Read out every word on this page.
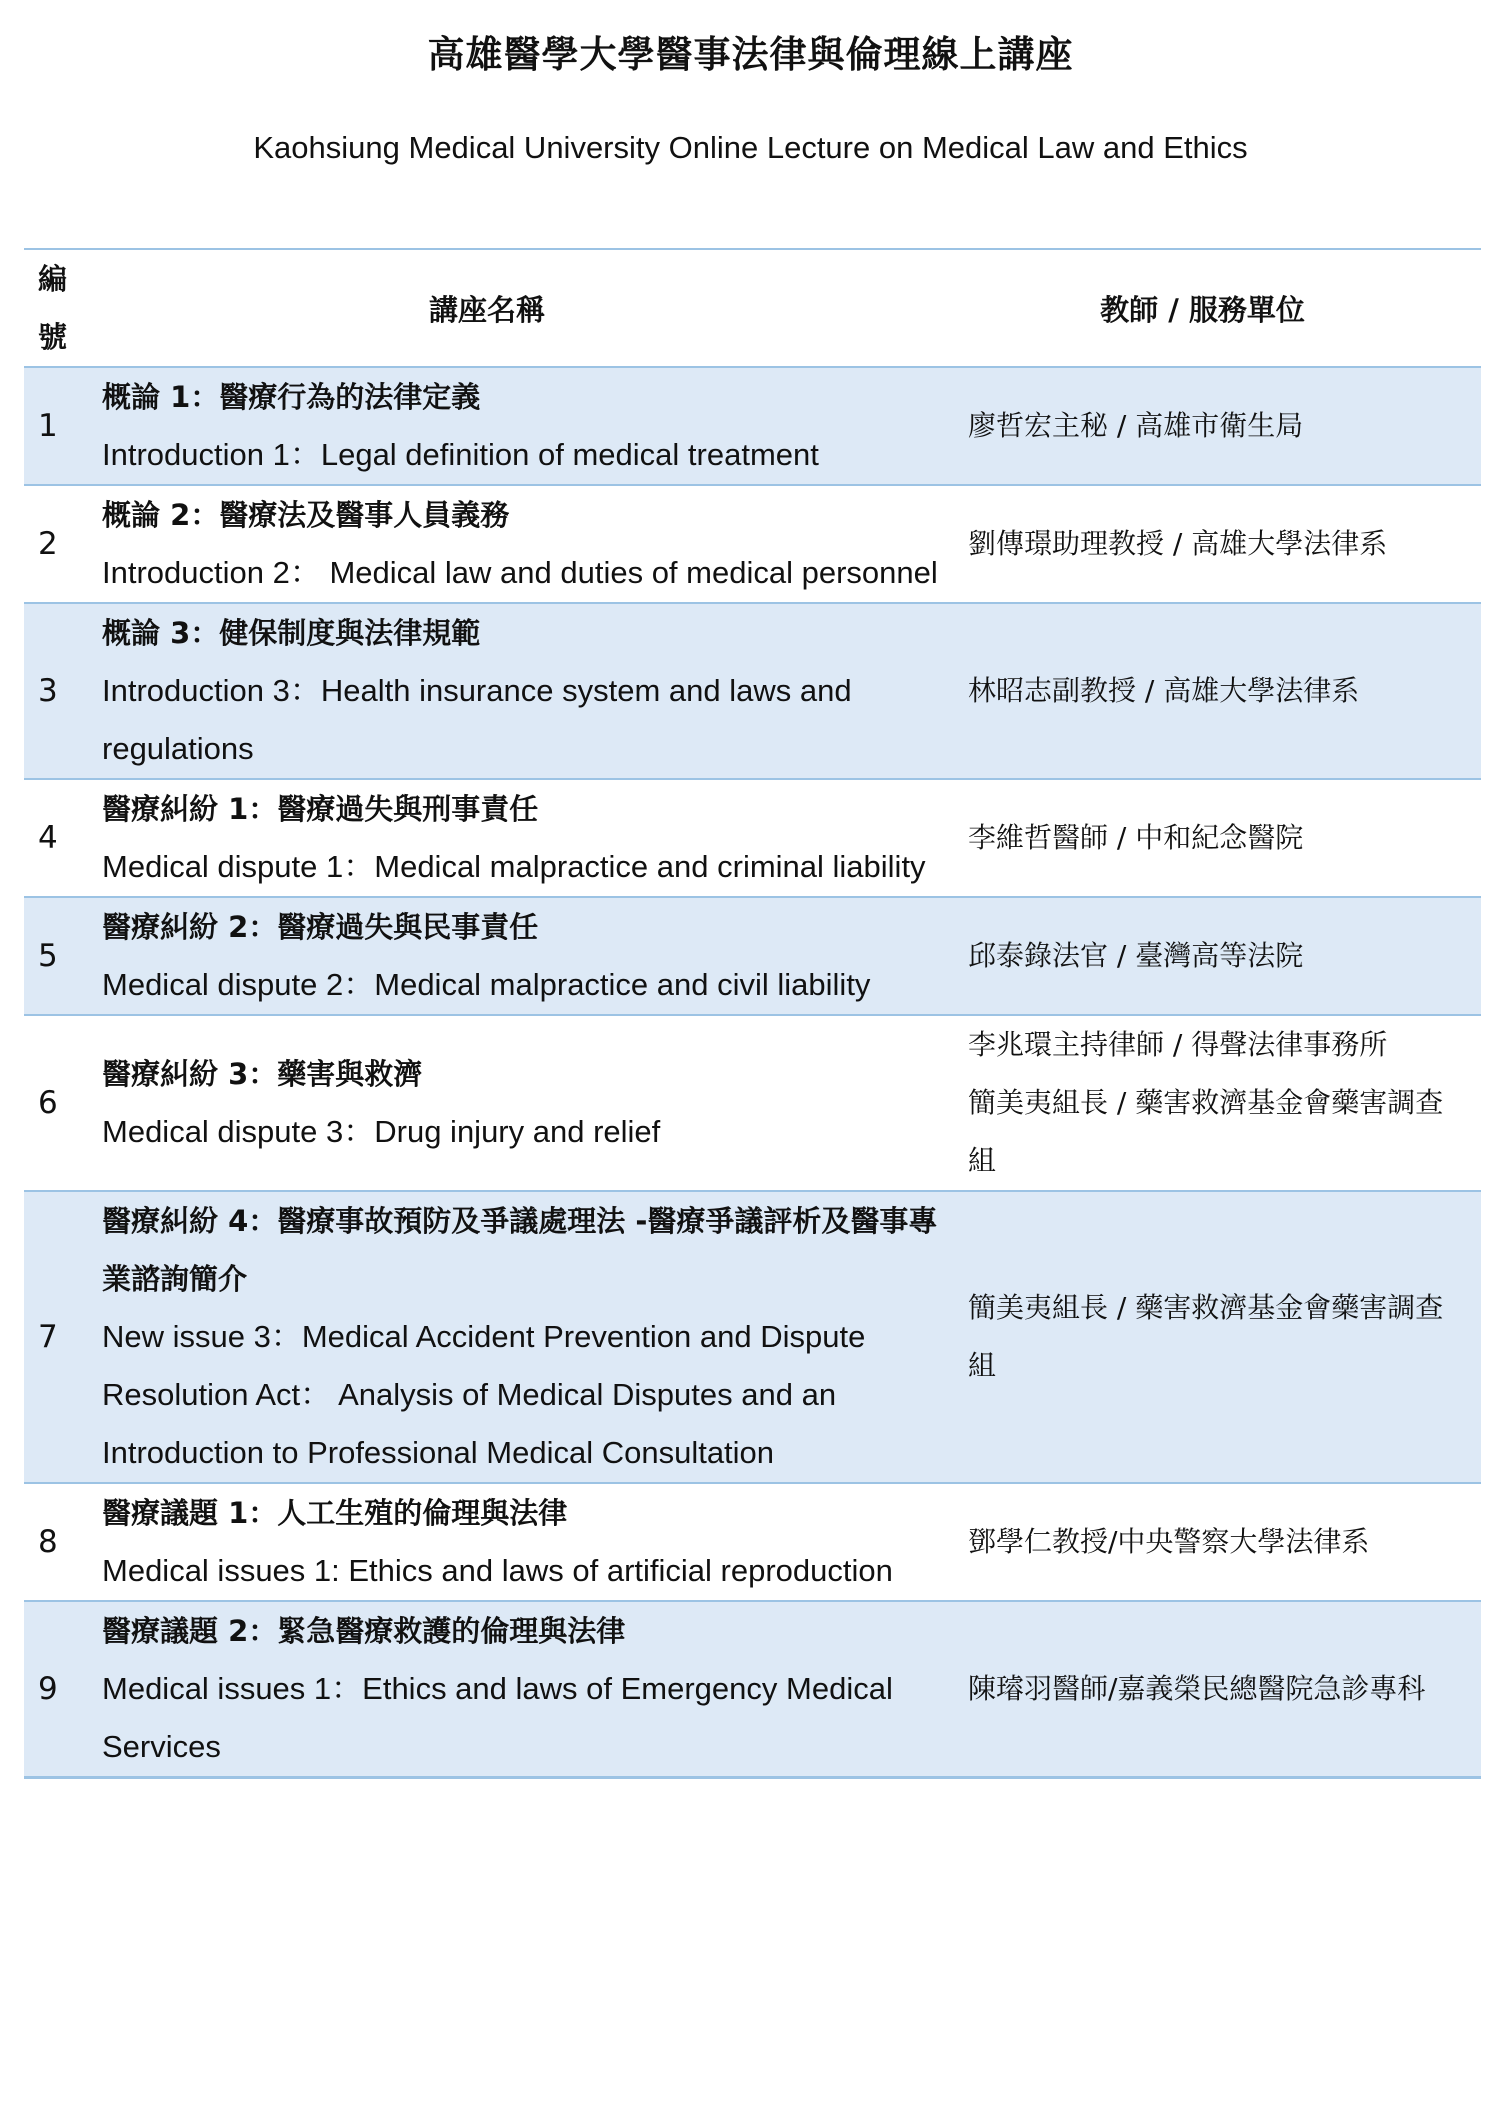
高雄醫學大學醫事法律與倫理線上講座
Kaohsiung Medical University Online Lecture on Medical Law and Ethics
編號	講座名稱	教師 / 服務單位
1	概論 1：醫療行為的法律定義
Introduction 1：Legal definition of medical treatment	廖哲宏主秘 / 高雄市衛生局

2	概論 2：醫療法及醫事人員義務
Introduction 2： Medical law and duties of medical personnel	劉傳璟助理教授 / 高雄大學法律系

3	概論 3：健保制度與法律規範
Introduction 3：Health insurance system and laws and regulations	林昭志副教授 / 高雄大學法律系

4	醫療糾紛 1：醫療過失與刑事責任
Medical dispute 1：Medical malpractice and criminal liability	李維哲醫師 / 中和紀念醫院

5	醫療糾紛 2：醫療過失與民事責任
Medical dispute 2：Medical malpractice and civil liability	邱泰錄法官 / 臺灣高等法院

6	醫療糾紛 3：藥害與救濟
Medical dispute 3：Drug injury and relief	李兆環主持律師 / 得聲法律事務所
簡美夷組長 / 藥害救濟基金會藥害調查組

7	醫療糾紛 4：醫療事故預防及爭議處理法 -醫療爭議評析及醫事專業諮詢簡介
New issue 3：Medical Accident Prevention and Dispute Resolution Act： Analysis of Medical Disputes and an Introduction to Professional Medical Consultation	簡美夷組長 / 藥害救濟基金會藥害調查組

8	醫療議題 1：人工生殖的倫理與法律
Medical issues 1: Ethics and laws of artificial reproduction	鄧學仁教授/中央警察大學法律系

9	醫療議題 2：緊急醫療救護的倫理與法律
Medical issues 1：Ethics and laws of Emergency Medical Services	陳璿羽醫師/嘉義榮民總醫院急診專科
